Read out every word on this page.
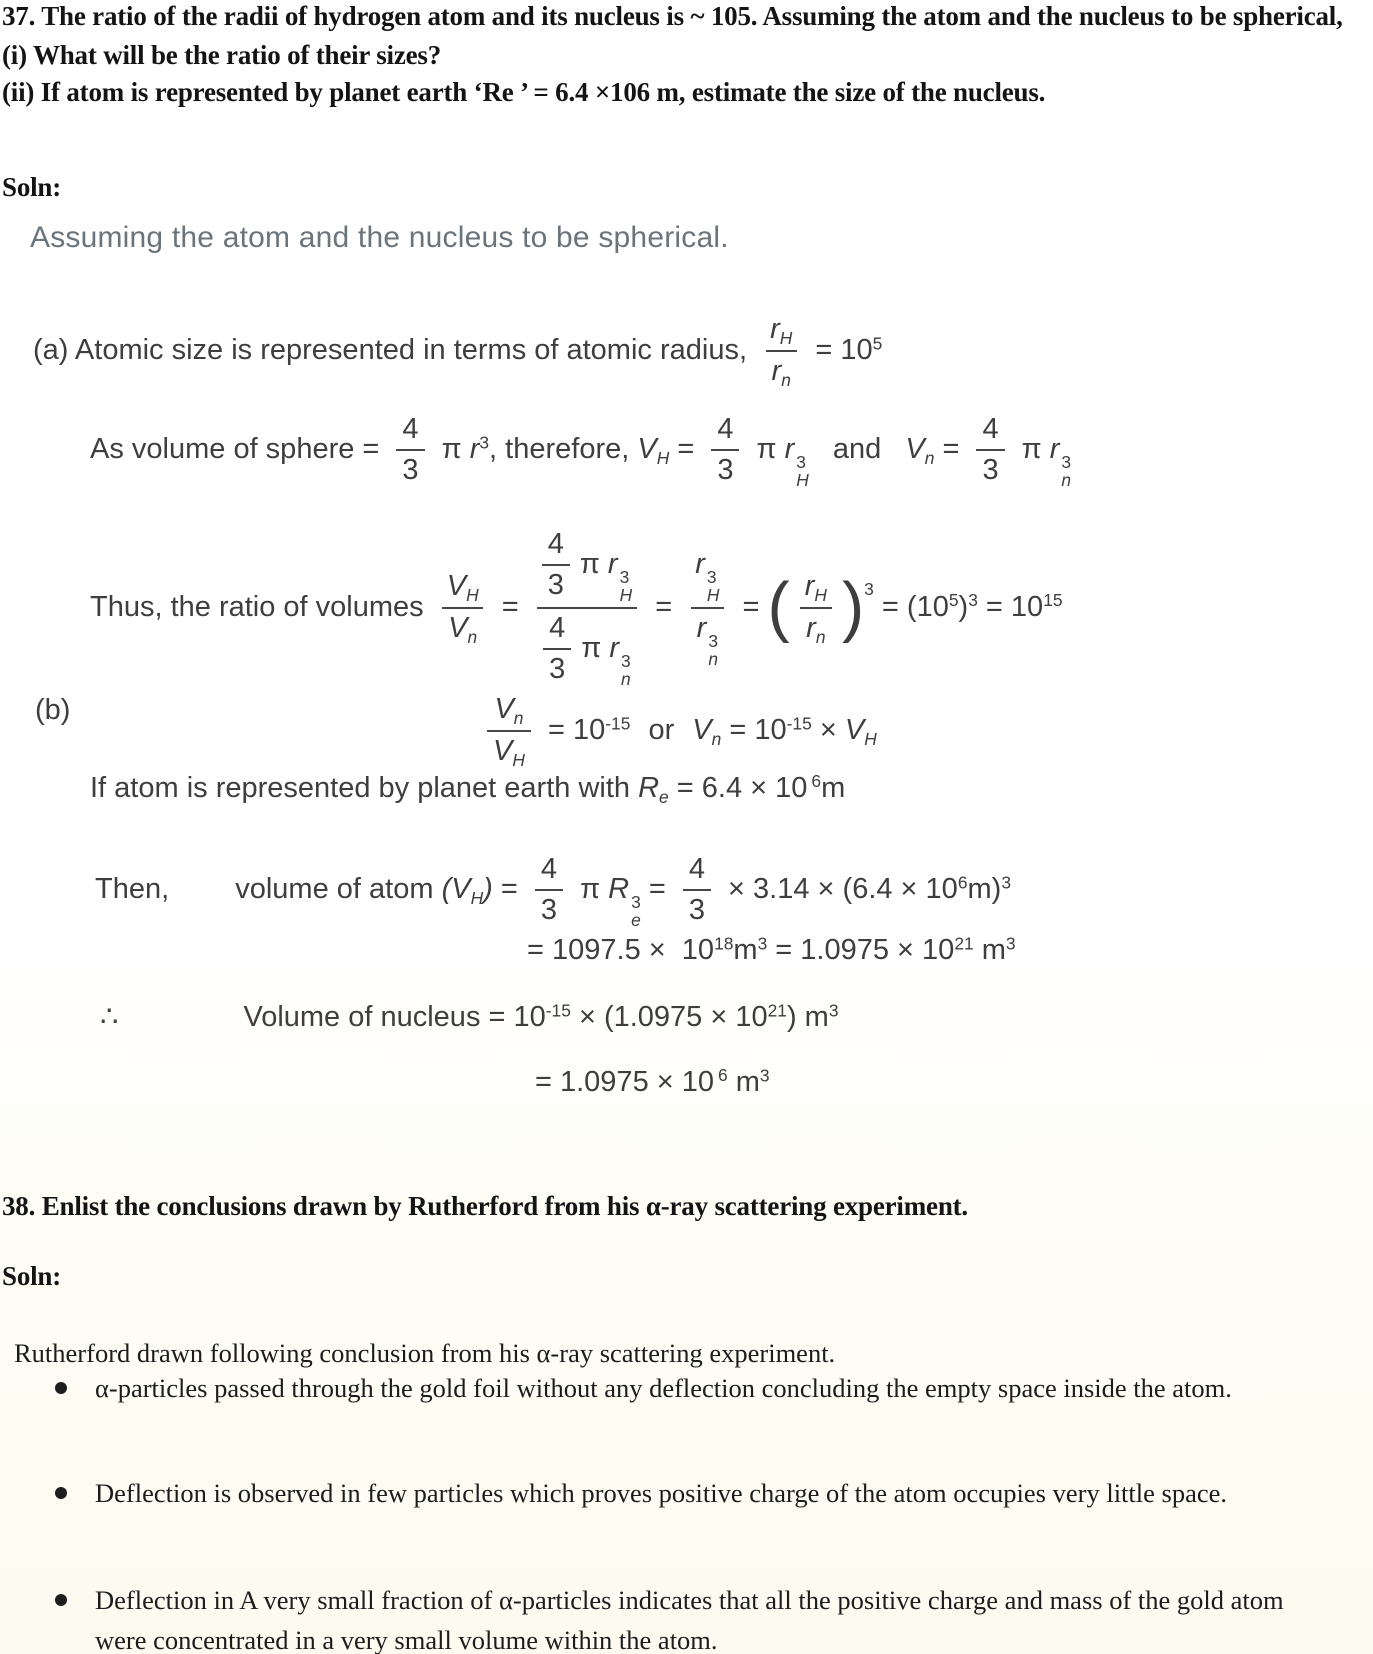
37. The ratio of the radii of hydrogen atom and its nucleus is ~ 105. Assuming the atom and the nucleus to be spherical,

(i) What will be the ratio of their sizes?

(ii) If atom is represented by planet earth ‘Re ’ = 6.4 ×106 m, estimate the size of the nucleus.

Soln:
Assuming the atom and the nucleus to be spherical.
(a) Atomic size is represented in terms of atomic radius, $\frac{r_H}{r_n} = 10^5$
As volume of sphere = $\frac{4}{3}$ π $r^3$, therefore, $V_H = \frac{4}{3}$ π r 3
H
and $V_n = \frac{4}{3}$ π r 3
n
Thus, the ratio of volumes $\frac{V_H}{V_n} = \frac{4}{3}$ π r 3
H
$\frac{4}{3}$ π r 3
n = r 3
H
r 3
n = ( $\frac{r_H}{r_n} )^3 = (10^5)^3 = 10^{15}$
(b)	$\frac{V_n}{V_H} = 10^{-15}$ or $V_n = 10^{-15} \times V_H$
If atom is represented by planet earth with $R_e = 6.4 \times 10$ $^6$m
Then, volume of atom $(V_H) = \frac{4}{3}$ π R 3
e
= $\frac{4}{3} \times 3.14 \times (6.4 \times 10^6m)^3$
= $1097.5 \times 10^{18}m^3 = 1.0975 \times 10^{21}$ $m^3$
∴	Volume of nucleus = $10^{-15} \times (1.0975 \times 10^{21})$ $m^3$
= 1.0975 × 10 $^6$ $m^3$
38. Enlist the conclusions drawn by Rutherford from his α-ray scattering experiment.
Soln:
Rutherford drawn following conclusion from his α-ray scattering experiment.

α-particles passed through the gold foil without any deflection concluding the empty space inside the atom.

Deflection is observed in few particles which proves positive charge of the atom occupies very little space.

Deflection in A very small fraction of α-particles indicates that all the positive charge and mass of the gold atom were concentrated in a very small volume within the atom.
